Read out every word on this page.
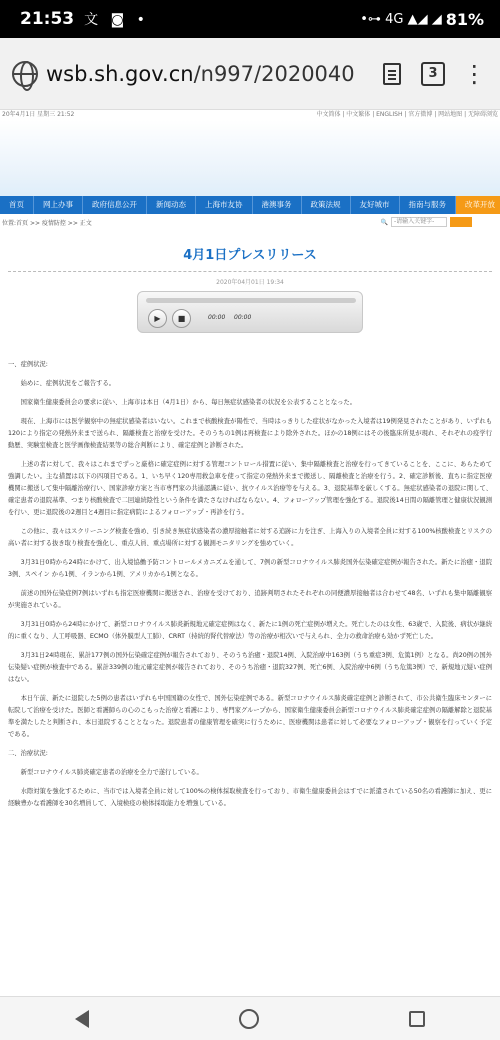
21:53 文 ◙ •	•⊶ 4G ▲◢ ◢ 81%
wsb.sh.gov.cn/n997/2020040	3	⋮
20年4月1日 星期三 21:52	中文简体 | 中文繁体 | ENGLISH | 官方微博 | 网站地图 | 无障碍浏览
首页	网上办事	政府信息公开	新闻动态	上海市友协	港澳事务	政策法规	友好城市	指南与服务	改革开放
位置: 首页 >> 疫情防控 >> 正文	🔍	-请输入关键字-
4月1日プレスリリース
2020年04月01日 19:34
▶ ■	00:00 00:00

一、症例状況:

始めに、症例状況をご報告する。

国家衛生健康委員会の要求に従い、上海市は本日（4月1日）から、毎日無症状感染者の状況を公表することとなった。

現在、上海市には医学観察中の無症状感染者はいない。これまで核酸検査が陽性で、当時はっきりした症状がなかった入境者は19例発見されたことがあり、いずれも120により指定の発熱外来まで送られ、隔離検査と治療を受けた。そのうちの1例は再検査により除外された。ほかの18例にはその後臨床所見が現れ、それぞれの疫学行動歴、実験室検査と医学画像検査結果等の総合判断により、確定症例と診断された。

上述の者に対して、我々はこれまでずっと厳格に確定症例に対する管理コントロール措置に従い、集中隔離検査と治療を行ってきていることを、ここに、あらためて強調したい。主な措置は以下の四項目である。1、いち早く120専用救急車を使って指定の発熱外来まで搬送し、隔離検査と治療を行う。2、確定診断後、直ちに指定医療機関に搬送して集中隔離治療行い、国家診療方案と当市専門家の共通認識に従い、抗ウイルス治療等を与える。3、退院基準を厳しくする。無症状感染者の退院に関して、確定患者の退院基準、つまり核酸検査で二回連続陰性という条件を満たさなければならない。4、フォローアップ管理を強化する。退院後14日間の隔離管理と健康状況観測を行い、更に退院後の2週目と4週目に指定病院によるフォローアップ・再診を行う。

この他に、我々はスクリーニング検査を強め、引き続き無症状感染者の濃厚接触者に対する追跡に力を注ぎ、上海入りの入境者全員に対する100%核酸検査とリスクの高い者に対する抜き取り検査を強化し、重点人員、重点場所に対する観測モニタリングを強めていく。

3月31日0時から24時にかけて、出入境協働予防コントロールメカニズムを通して、7例の新型コロナウイルス肺炎国外伝染確定症例が報告された。新たに治癒・退院3例、スペイン から1例、イランから1例、アメリカから1例となる。

前述の国外伝染症例7例はいずれも指定医療機関に搬送され、治療を受けており、追跡判明されたそれぞれの同便濃厚接触者は合わせて48名、いずれも集中隔離観察が実施されている。

3月31日0時から24時にかけて、新型コロナウイルス肺炎新規地元確定症例はなく、新たに1例の死亡症例が増えた。死亡したのは女性、63歳で、入院後、病状が継続的に重くなり、人工呼吸器、ECMO（体外膜型人工肺）、CRRT（持続的腎代替療法）等の治療が相次いで与えられ、全力の救命治療も効かず死亡した。

3月31日24時現在、累計177例の国外伝染確定症例が報告されており、そのうち治癒・退院14例、入院治療中163例（うち重症3例、危篤1例）となる。尚20例の国外伝染疑い症例が検査中である。累計339例の地元確定症例が報告されており、そのうち治癒・退院327例、死亡6例、入院治療中6例（うち危篤3例）で、新規地元疑い症例はない。

本日午前、新たに退院した5例の患者はいずれも中国国籍の女性で、国外伝染症例である。新型コロナウイルス肺炎確定症例と診断されて、市公共衛生臨床センターに転院して治療を受けた。医師と看護師らの心のこもった治療と看護により、専門家グループから、国家衛生健康委員会新型コロナウイルス肺炎確定症例の隔離解除と退院基準を満たしたと判断され、本日退院することとなった。退院患者の健康管理を確実に行うために、医療機関は患者に対して必要なフォローアップ・観察を行っていく予定である。

二、治療状況:

新型コロナウイルス肺炎確定患者の治療を全力で遂行している。

水際対策を強化するために、当市では入境者全員に対して100%の検体採取検査を行っており、市衛生健康委員会はすでに派遣されている50名の看護師に加え、更に経験豊かな看護師を30名増員して、入境検疫の検体採取能力を増強している。
